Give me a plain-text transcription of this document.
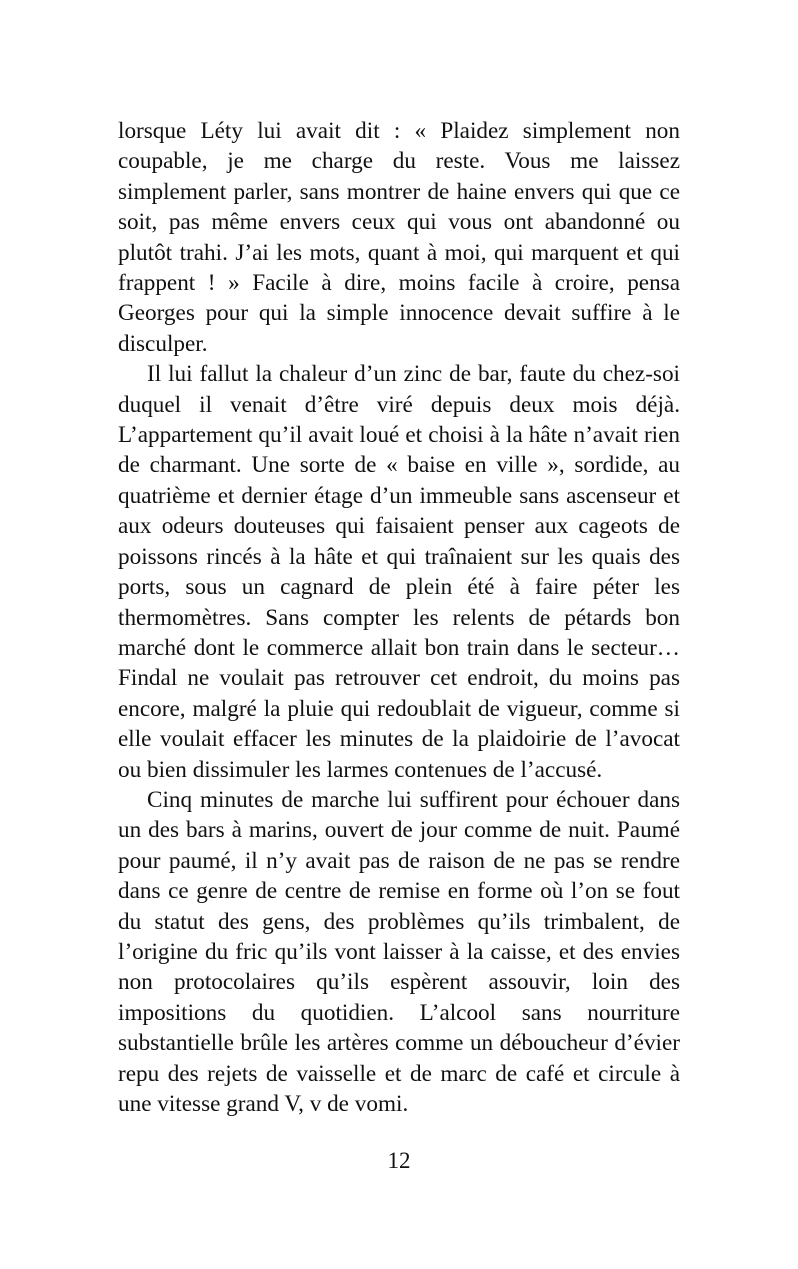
lorsque Léty lui avait dit : « Plaidez simplement non coupable, je me charge du reste. Vous me laissez simplement parler, sans montrer de haine envers qui que ce soit, pas même envers ceux qui vous ont abandonné ou plutôt trahi. J’ai les mots, quant à moi, qui marquent et qui frappent ! » Facile à dire, moins facile à croire, pensa Georges pour qui la simple innocence devait suffire à le disculper.

Il lui fallut la chaleur d’un zinc de bar, faute du chez-soi duquel il venait d’être viré depuis deux mois déjà. L’appartement qu’il avait loué et choisi à la hâte n’avait rien de charmant. Une sorte de « baise en ville », sordide, au quatrième et dernier étage d’un immeuble sans ascenseur et aux odeurs douteuses qui faisaient penser aux cageots de poissons rincés à la hâte et qui traînaient sur les quais des ports, sous un cagnard de plein été à faire péter les thermomètres. Sans compter les relents de pétards bon marché dont le commerce allait bon train dans le secteur… Findal ne voulait pas retrouver cet endroit, du moins pas encore, malgré la pluie qui redoublait de vigueur, comme si elle voulait effacer les minutes de la plaidoirie de l’avocat ou bien dissimuler les larmes contenues de l’accusé.

Cinq minutes de marche lui suffirent pour échouer dans un des bars à marins, ouvert de jour comme de nuit. Paumé pour paumé, il n’y avait pas de raison de ne pas se rendre dans ce genre de centre de remise en forme où l’on se fout du statut des gens, des problèmes qu’ils trimbalent, de l’origine du fric qu’ils vont laisser à la caisse, et des envies non protocolaires qu’ils espèrent assouvir, loin des impositions du quotidien. L’alcool sans nourriture substantielle brûle les artères comme un déboucheur d’évier repu des rejets de vaisselle et de marc de café et circule à une vitesse grand V, v de vomi.

12
